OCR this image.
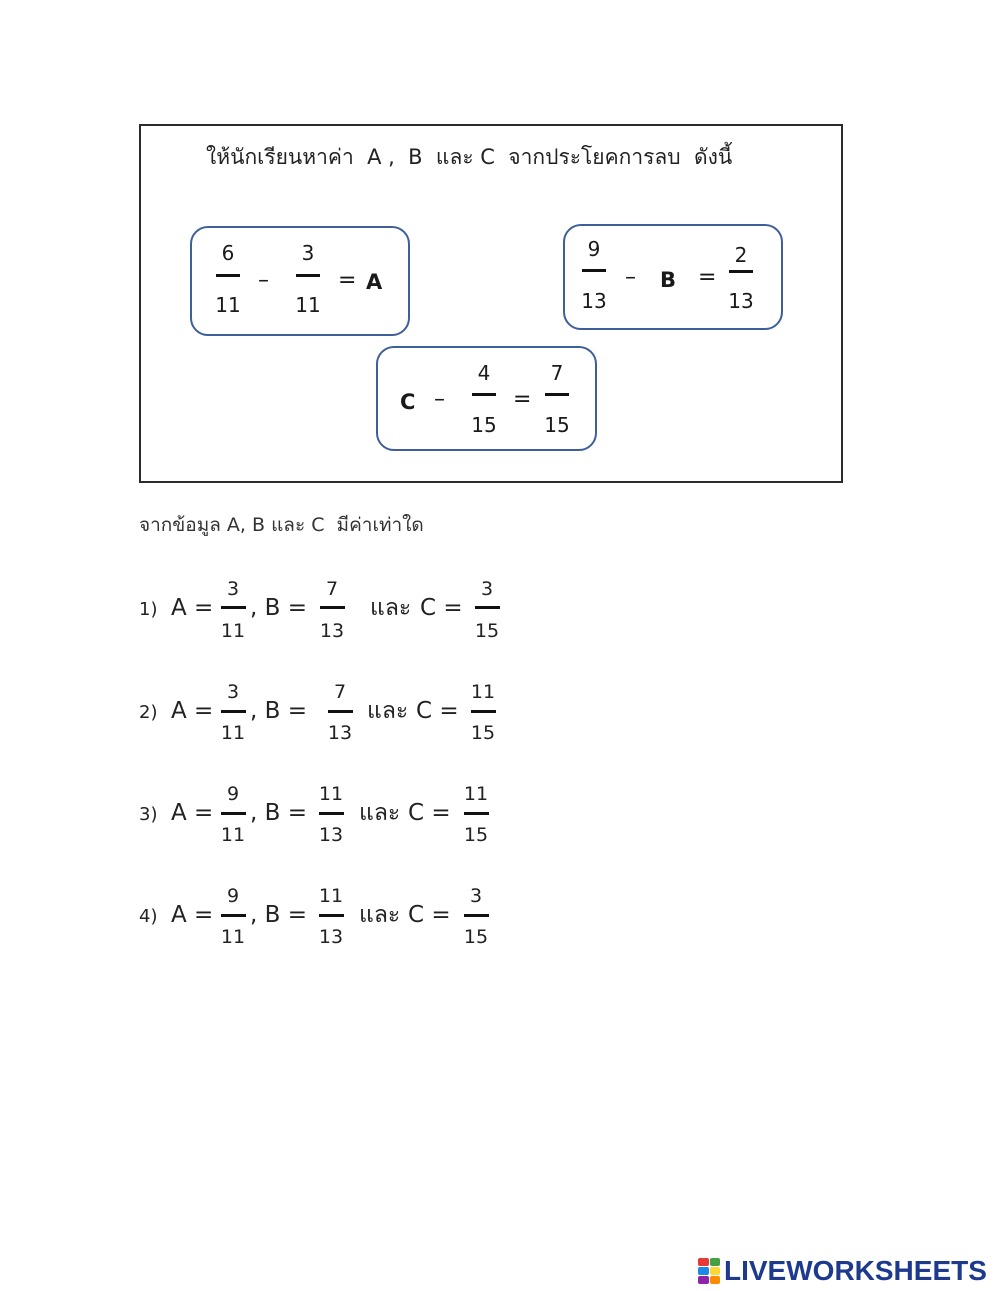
ให้นักเรียนหาค่า  A ,  B  และ C  จากประโยคการลบ  ดังนี้
6
11
–
3
11
= A
9
13
– B =
2
13
C –
4
15
=
7
15
จากข้อมูล A, B และ C  มีค่าเท่าใด
1) A =
3
11
, B =
7
13
และ C =
3
15
2) A =
3
11
, B =
7
13
และ C =
11
15
3) A =
9
11
, B =
11
13
และ C =
11
15
4) A =
9
11
, B =
11
13
และ C =
3
15
LIVEWORKSHEETS
